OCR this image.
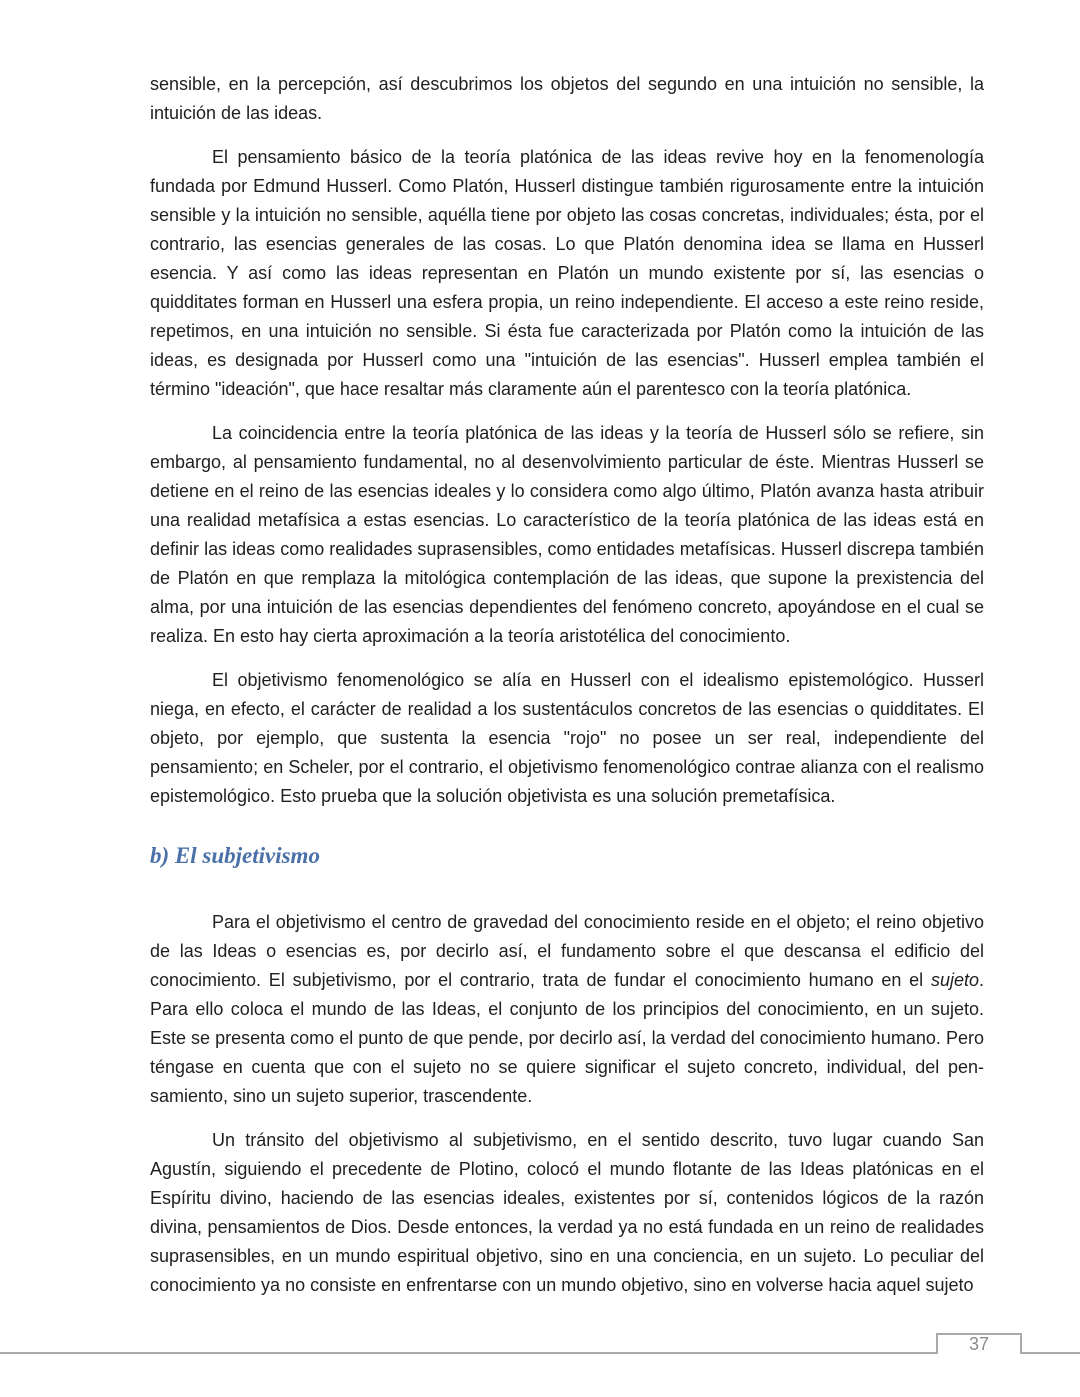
sensible, en la percepción, así descubrimos los objetos del segundo en una intuición no sensible, la intuición de las ideas.

El pensamiento básico de la teoría platónica de las ideas revive hoy en la fenomenología fundada por Edmund Husserl. Como Platón, Husserl distingue también rigurosamente entre la intuición sensible y la intuición no sensible, aquélla tiene por objeto las cosas concretas, individuales; ésta, por el contrario, las esencias generales de las cosas. Lo que Platón denomina idea se llama en Husserl esencia. Y así como las ideas representan en Platón un mundo existente por sí, las esencias o quidditates forman en Husserl una esfera propia, un reino independiente. El acceso a este reino reside, repetimos, en una intuición no sensible. Si ésta fue caracterizada por Platón como la intuición de las ideas, es designada por Husserl como una "intuición de las esencias". Husserl emplea también el término "ideación", que hace resaltar más claramente aún el parentesco con la teoría platónica.

La coincidencia entre la teoría platónica de las ideas y la teoría de Husserl sólo se refiere, sin embargo, al pensamiento fundamental, no al desenvolvimiento particular de éste. Mientras Husserl se detiene en el reino de las esencias ideales y lo considera como algo último, Platón avanza hasta atribuir una realidad metafísica a estas esencias. Lo característico de la teoría platónica de las ideas está en definir las ideas como realidades suprasensibles, como entidades metafísicas. Husserl discrepa también de Platón en que remplaza la mitológica contemplación de las ideas, que supone la prexistencia del alma, por una intuición de las esencias dependientes del fenómeno concreto, apoyándose en el cual se realiza. En esto hay cierta aproximación a la teoría aristotélica del conocimiento.

El objetivismo fenomenológico se alía en Husserl con el idealismo epistemológico. Husserl niega, en efecto, el carácter de realidad a los sustentáculos concretos de las esencias o quidditates. El objeto, por ejemplo, que sustenta la esencia "rojo" no posee un ser real, independiente del pensamiento; en Scheler, por el contrario, el objetivismo fenomenológico contrae alianza con el realismo epistemológico. Esto prueba que la solución objetivista es una solución premetafísica.

b) El subjetivismo

Para el objetivismo el centro de gravedad del conocimiento reside en el objeto; el reino objetivo de las Ideas o esencias es, por decirlo así, el fundamento sobre el que descansa el edificio del conocimiento. El subjetivismo, por el contrario, trata de fundar el conocimiento humano en el sujeto. Para ello coloca el mundo de las Ideas, el conjunto de los principios del conocimiento, en un sujeto. Este se presenta como el punto de que pende, por decirlo así, la verdad del conocimiento humano. Pero téngase en cuenta que con el sujeto no se quiere significar el sujeto concreto, individual, del pensamiento, sino un sujeto superior, trascendente.

Un tránsito del objetivismo al subjetivismo, en el sentido descrito, tuvo lugar cuando San Agustín, siguiendo el precedente de Plotino, colocó el mundo flotante de las Ideas platónicas en el Espíritu divino, haciendo de las esencias ideales, existentes por sí, contenidos lógicos de la razón divina, pensamientos de Dios. Desde entonces, la verdad ya no está fundada en un reino de realidades suprasensibles, en un mundo espiritual objetivo, sino en una conciencia, en un sujeto. Lo peculiar del conocimiento ya no consiste en enfrentarse con un mundo objetivo, sino en volverse hacia aquel sujeto

37
